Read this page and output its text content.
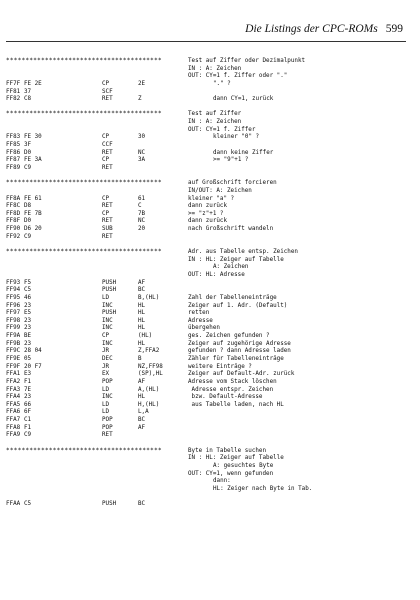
Die Listings der CPC-ROMs 599
****************************************	Test auf Ziffer oder Dezimalpunkt
IN : A: Zeichen
OUT: CY=1 f. Ziffer oder "."
FF7F FE 2E	CP	2E	"." ?
FF81 37	SCF
FF82 C8	RET	Z	dann CY=1, zurück
****************************************	Test auf Ziffer
IN : A: Zeichen
OUT: CY=1 f. Ziffer
FF83 FE 30	CP	30	kleiner "0" ?
FF85 3F	CCF
FF86 D0	RET	NC	dann keine Ziffer
FF87 FE 3A	CP	3A	>= "9"+1 ?
FF89 C9	RET
****************************************	auf Großschrift forcieren
IN/OUT: A: Zeichen
FF8A FE 61	CP	61	kleiner "a" ?
FF8C D8	RET	C	dann zurück
FF8D FE 7B	CP	7B	>= "z"+1 ?
FF8F D0	RET	NC	dann zurück
FF90 D6 20	SUB	20	nach Großschrift wandeln
FF92 C9	RET
****************************************	Adr. aus Tabelle entsp. Zeichen
IN : HL: Zeiger auf Tabelle
A: Zeichen
OUT: HL: Adresse
FF93 F5	PUSH	AF
FF94 C5	PUSH	BC
FF95 46	LD	B,(HL)	Zahl der Tabelleneinträge
FF96 23	INC	HL	Zeiger auf 1. Adr. (Default)
FF97 E5	PUSH	HL	retten
FF98 23	INC	HL	Adresse
FF99 23	INC	HL	übergehen
FF9A BE	CP	(HL)	ges. Zeichen gefunden ?
FF9B 23	INC	HL	Zeiger auf zugehörige Adresse
FF9C 28 04	JR	Z,FFA2	gefunden ? dann Adresse laden
FF9E 05	DEC	B	Zähler für Tabelleneinträge
FF9F 20 F7	JR	NZ,FF98	weitere Einträge ?
FFA1 E3	EX	(SP),HL	Zeiger auf Default-Adr. zurück
FFA2 F1	POP	AF	Adresse vom Stack löschen
FFA3 7E	LD	A,(HL)	Adresse entspr. Zeichen
FFA4 23	INC	HL	bzw. Default-Adresse
FFA5 66	LD	H,(HL)	aus Tabelle laden, nach HL
FFA6 6F	LD	L,A
FFA7 C1	POP	BC
FFA8 F1	POP	AF
FFA9 C9	RET
****************************************	Byte in Tabelle suchen
IN : HL: Zeiger auf Tabelle
A: gesuchtes Byte
OUT: CY=1, wenn gefunden
dann:
HL: Zeiger nach Byte in Tab.
FFAA C5	PUSH	BC
